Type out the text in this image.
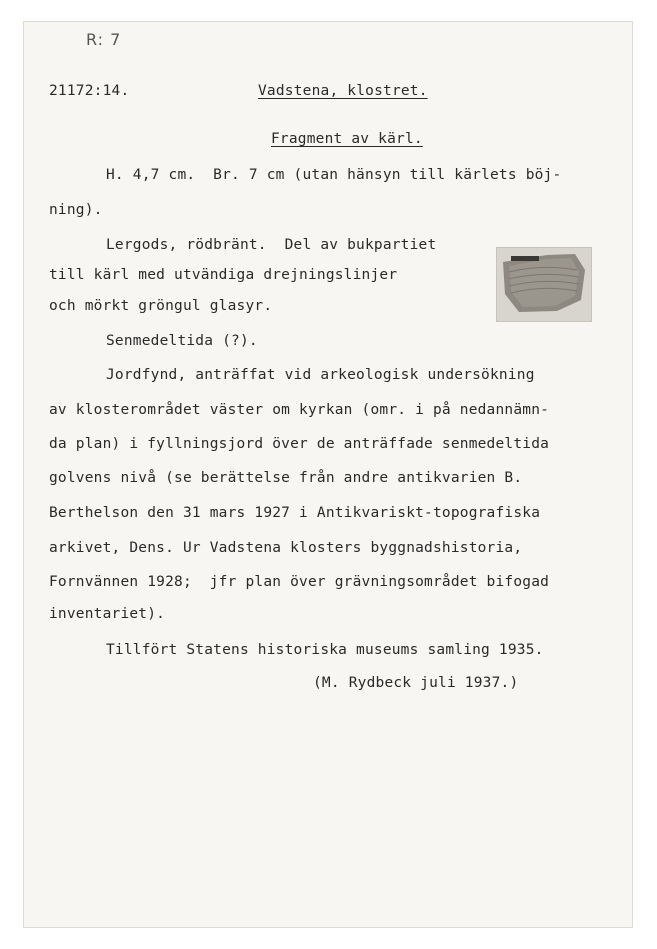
R: 7
21172:14.	Vadstena, klostret.
Fragment av kärl.
H. 4,7 cm.  Br. 7 cm (utan hänsyn till kärlets böj-
ning).
Lergods, rödbränt.  Del av bukpartiet
till kärl med utvändiga drejningslinjer
och mörkt gröngul glasyr.
Senmedeltida (?).
Jordfynd, anträffat vid arkeologisk undersökning
av klosterområdet väster om kyrkan (omr. i på nedannämn-
da plan) i fyllningsjord över de anträffade senmedeltida
golvens nivå (se berättelse från andre antikvarien B.
Berthelson den 31 mars 1927 i Antikvariskt-topografiska
arkivet, Dens. Ur Vadstena klosters byggnadshistoria,
Fornvännen 1928;  jfr plan över grävningsområdet bifogad
inventariet).
Tillfört Statens historiska museums samling 1935.
(M. Rydbeck juli 1937.)
